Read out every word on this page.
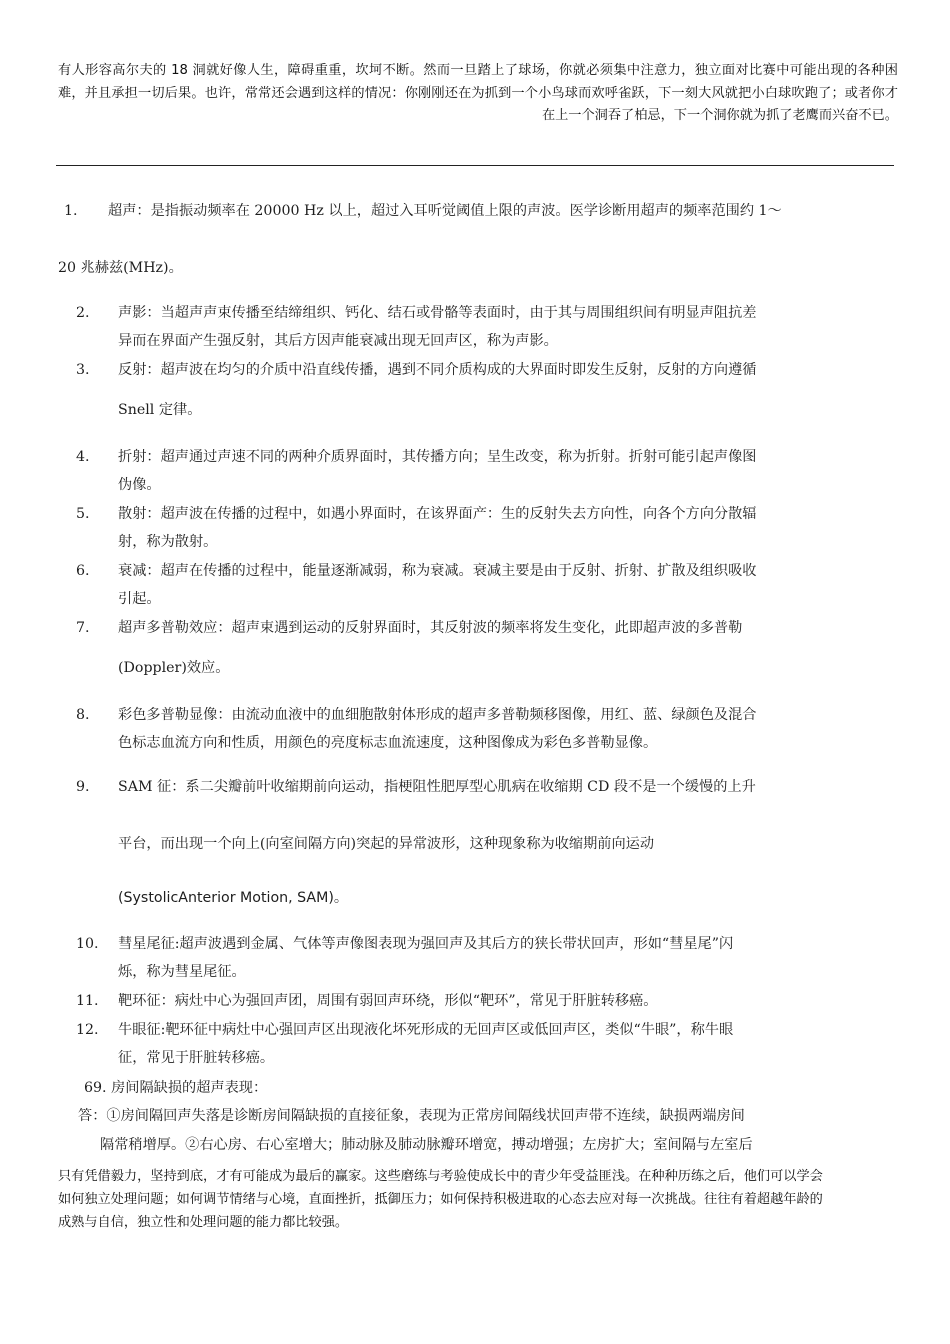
有人形容高尔夫的 18 洞就好像人生，障碍重重，坎坷不断。然而一旦踏上了球场，你就必须集中注意力，独立面对比赛中可能出现的各种困难，并且承担一切后果。也许，常常还会遇到这样的情况：你刚刚还在为抓到一个小鸟球而欢呼雀跃，下一刻大风就把小白球吹跑了；或者你才在上一个洞吞了柏忌，下一个洞你就为抓了老鹰而兴奋不已。
1. 超声：是指振动频率在 20000 Hz 以上，超过入耳听觉阈值上限的声波。医学诊断用超声的频率范围约 1～
20 兆赫兹(MHz)。
2. 声影：当超声声束传播至结缔组织、钙化、结石或骨骼等表面时，由于其与周围组织间有明显声阻抗差
异而在界面产生强反射，其后方因声能衰减出现无回声区，称为声影。
3. 反射：超声波在均匀的介质中沿直线传播，遇到不同介质构成的大界面时即发生反射，反射的方向遵循
Snell 定律。
4. 折射：超声通过声速不同的两种介质界面时，其传播方向；呈生改变，称为折射。折射可能引起声像图
伪像。
5. 散射：超声波在传播的过程中，如遇小界面时，在该界面产：生的反射失去方向性，向各个方向分散辐
射，称为散射。
6. 衰减：超声在传播的过程中，能量逐渐减弱，称为衰减。衰减主要是由于反射、折射、扩散及组织吸收
引起。
7. 超声多普勒效应：超声束遇到运动的反射界面时，其反射波的频率将发生变化，此即超声波的多普勒
(Doppler)效应。
8. 彩色多普勒显像：由流动血液中的血细胞散射体形成的超声多普勒频移图像，用红、蓝、绿颜色及混合
色标志血流方向和性质，用颜色的亮度标志血流速度，这种图像成为彩色多普勒显像。
9. SAM 征：系二尖瓣前叶收缩期前向运动，指梗阻性肥厚型心肌病在收缩期 CD 段不是一个缓慢的上升
平台，而出现一个向上(向室间隔方向)突起的异常波形，这种现象称为收缩期前向运动
(SystolicAnterior Motion, SAM)。
10. 彗星尾征:超声波遇到金属、气体等声像图表现为强回声及其后方的狭长带状回声，形如“彗星尾”闪
烁，称为彗星尾征。
11. 靶环征：病灶中心为强回声团，周围有弱回声环绕，形似“靶环”，常见于肝脏转移癌。
12. 牛眼征:靶环征中病灶中心强回声区出现液化坏死形成的无回声区或低回声区，类似“牛眼”，称牛眼
征，常见于肝脏转移癌。
69. 房间隔缺损的超声表现：
答：①房间隔回声失落是诊断房间隔缺损的直接征象，表现为正常房间隔线状回声带不连续，缺损两端房间
隔常稍增厚。②右心房、右心室增大；肺动脉及肺动脉瓣环增宽，搏动增强；左房扩大；室间隔与左室后
只有凭借毅力，坚持到底，才有可能成为最后的赢家。这些磨练与考验使成长中的青少年受益匪浅。在种种历练之后，他们可以学会
如何独立处理问题；如何调节情绪与心境，直面挫折，抵御压力；如何保持积极进取的心态去应对每一次挑战。往往有着超越年龄的
成熟与自信，独立性和处理问题的能力都比较强。
